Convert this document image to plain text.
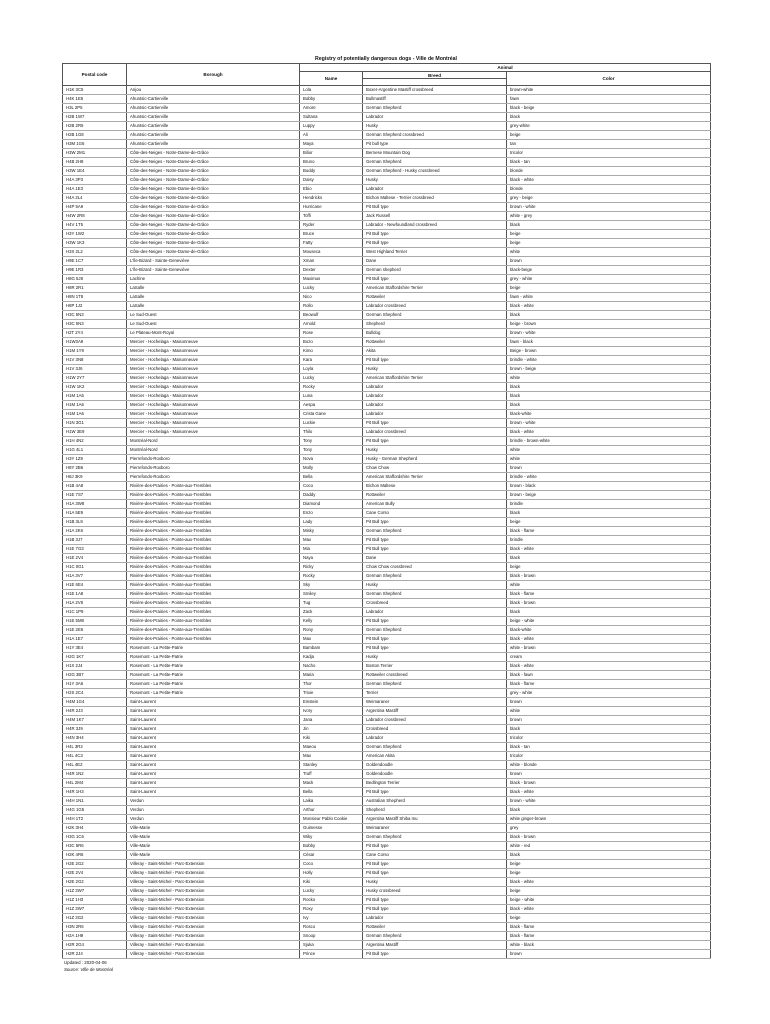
Registry of potentially dangerous dogs - Ville de Montréal
Postal code	Borough	Animal		
		Name	Breed	Color

H1K 3C5	Anjou	Lola	Boxer-Argentine Mastiff crossbreed	brown-white
H4K 1E5	Ahuntsic-Cartierville	Bobby	Bullmastiff	fawn
H3L 2P5	Ahuntsic-Cartierville	Amore	German Shepherd	black - beige
H2B 1W7	Ahuntsic-Cartierville	Sultana	Labrador	black
H2B 2R5	Ahuntsic-Cartierville	Luppy	Husky	grey-white
H2B 1G8	Ahuntsic-Cartierville	Ali	German Shepherd crossbreed	beige
H3M 1G6	Ahuntsic-Cartierville	Maya	Pit bull type	tan
H3W 2M1	Côte-des-Neiges - Notre-Dame-de-Grâce	Bilior	Bernese Mountain Dog	tricolor
H4B 2H8	Côte-des-Neiges - Notre-Dame-de-Grâce	Bruno	German Shepherd	black - tan
H3W 1E4	Côte-des-Neiges - Notre-Dame-de-Grâce	Buddy	German Shepherd - Husky crossbreed	blonde
H4A 3P3	Côte-des-Neiges - Notre-Dame-de-Grâce	Daisy	Husky	black - white
H4A 1E3	Côte-des-Neiges - Notre-Dame-de-Grâce	Ebio	Labrador	blonde
H4A 2L4	Côte-des-Neiges - Notre-Dame-de-Grâce	Hendricks	Bichon Maltese - Terrier crossbreed	grey - beige
H4P 5A9	Côte-des-Neiges - Notre-Dame-de-Grâce	Hurricane	Pit Bull type	brown - white
H4W 2R8	Côte-des-Neiges - Notre-Dame-de-Grâce	Toffi	Jack Russell	white - grey
H4V 1T5	Côte-des-Neiges - Notre-Dame-de-Grâce	Ryder	Labrador - Newfoundland crossbreed	black
H3Y 1W2	Côte-des-Neiges - Notre-Dame-de-Grâce	Bruce	Pit Bull type	beige
H3W 1K3	Côte-des-Neiges - Notre-Dame-de-Grâce	Fatty	Pit Bull type	beige
H3X 2L2	Côte-des-Neiges - Notre-Dame-de-Grâce	Mouseca	West Highland Terrier	white
H9E 1C7	L'Île-Bizard - Sainte-Geneviève	Xman	Dane	brown
H9E 1R3	L'Île-Bizard - Sainte-Geneviève	Dexter	German shepherd	black-beige
H8G 5J8	Lachine	Maximus	Pit Bull type	grey - white
H8R 2R1	LaSalle	Lucky	American Staffordshire Terrier	beige
H8N 1T8	LaSalle	Nico	Rottweiler	fawn - white
H8P 1J2	LaSalle	Rollo	Labrador crossbreed	black - white
H3C 5N3	Le Sud-Ouest	Beowulf	German Shepherd	black
H3C 5N3	Le Sud-Ouest	Arnold	Shepherd	beige - brown
H2T 2Y4	Le Plateau-Mont-Royal	Rose	Bulldog	brown - white
H1W3A9	Mercier - Hochelaga - Maisonneuve	Bozo	Rottweiler	fawn - black
H1M 1Y9	Mercier - Hochelaga - Maisonneuve	Kimo	Akita	Beige - brown
H1V 3N8	Mercier - Hochelaga - Maisonneuve	Kara	Pit Bull type	brindle - white
H1V 3J6	Mercier - Hochelaga - Maisonneuve	Loyla	Husky	brown - beige
H1W 2Y7	Mercier - Hochelaga - Maisonneuve	Lucky	American Staffordshire Terrier	white
H1W 1K2	Mercier - Hochelaga - Maisonneuve	Rocky	Labrador	black
H1M 1A6	Mercier - Hochelaga - Maisonneuve	Luna	Labrador	black
H1M 1A6	Mercier - Hochelaga - Maisonneuve	Aespa	Labrador	black
H1M 1A6	Mercier - Hochelaga - Maisonneuve	Crista Gane	Labrador	black-white
H1N 3G1	Mercier - Hochelaga - Maisonneuve	Luckie	Pit Bull type	brown - white
H1W 3E9	Mercier - Hochelaga - Maisonneuve	Thilo	Labrador crossbreed	black - white
H1H 4N2	Montréal-Nord	Tony	Pit Bull type	brindle - brown-white
H1G 4L1	Montréal-Nord	Tony	Husky	white
H3Y 1Z9	Pierrefonds-Roxboro	Nova	Husky - German Shepherd	white
H8Y 2B6	Pierrefonds-Roxboro	Molly	Chow Chow	brown
H8J 3K9	Pierrefonds-Roxboro	Bella	American Staffordshire Terrier	brindle - white
H1B 4A8	Rivière-des-Prairies - Pointe-aux-Trembles	Coco	Bichon Maltese	brown - black
H1E 7S7	Rivière-des-Prairies - Pointe-aux-Trembles	Daddy	Rottweiler	brown - beige
H1A 3W8	Rivière-des-Prairies - Pointe-aux-Trembles	Diamond	American Bully	brindle
H1A 5E9	Rivière-des-Prairies - Pointe-aux-Trembles	Enzo	Cane Corso	black
H1B 3L9	Rivière-des-Prairies - Pointe-aux-Trembles	Lady	Pit Bull type	beige
H1A 2K6	Rivière-des-Prairies - Pointe-aux-Trembles	Misky	German Shepherd	black - flame
H1B 3J7	Rivière-des-Prairies - Pointe-aux-Trembles	Max	Pit Bull type	brindle
H1E 7G3	Rivière-des-Prairies - Pointe-aux-Trembles	Mia	Pit Bull type	black - white
H1E 2V4	Rivière-des-Prairies - Pointe-aux-Trembles	Naya	Dane	black
H1C 0G1	Rivière-des-Prairies - Pointe-aux-Trembles	Ricky	Chow Chow crossbreed	beige
H1A 3V7	Rivière-des-Prairies - Pointe-aux-Trembles	Rocky	German Shepherd	black - brown
H1E 6E4	Rivière-des-Prairies - Pointe-aux-Trembles	Sky	Husky	white
H1E 1A8	Rivière-des-Prairies - Pointe-aux-Trembles	Smiley	German Shepherd	black - flame
H1A 2V8	Rivière-des-Prairies - Pointe-aux-Trembles	Tug	Crossbreed	black - brown
H1C 1P9	Rivière-des-Prairies - Pointe-aux-Trembles	Zack	Labrador	black
H1E 5M8	Rivière-des-Prairies - Pointe-aux-Trembles	Kelly	Pit Bull type	beige - white
H1E 2E6	Rivière-des-Prairies - Pointe-aux-Trembles	Rony	German Shepherd	black-white
H1A 1E7	Rivière-des-Prairies - Pointe-aux-Trembles	Max	Pit Bull type	black - white
H1Y 3E4	Rosemont - La Petite-Patrie	Bambam	Pit Bull type	white - brown
H2G 1K7	Rosemont - La Petite-Patrie	Kadja	Husky	cream
H1X 2J4	Rosemont - La Petite-Patrie	Nacho	Boston Terrier	black - white
H2G 3B7	Rosemont - La Petite-Patrie	Maria	Rottweiler crossbreed	black - fawn
H1Y 3A6	Rosemont - La Petite-Patrie	Thor	German Shepherd	black - flame
H2S 2C4	Rosemont - La Petite-Patrie	Trixie	Terrier	grey - white
H4M 1G4	Saint-Laurent	Einstein	Weimaraner	brown
H4R 2J3	Saint-Laurent	Ivory	Argentina Mastiff	white
H4M 1K7	Saint-Laurent	Jana	Labrador crossbreed	brown
H4R 3J9	Saint-Laurent	Jin	Crossbreed	black
H4N 3H4	Saint-Laurent	Kiki	Labrador	tricolor
H4L 3R2	Saint-Laurent	Maeou	German Shepherd	black - tan
H4L 4C3	Saint-Laurent	Max	American Akita	tricolor
H4L 4E2	Saint-Laurent	Stanley	Goldendoodle	white - blonde
H4R 1N2	Saint-Laurent	Truff	Goldendoodle	brown
H4L 2M4	Saint-Laurent	Mack	Bedlington Terrier	black - brown
H4R 1H3	Saint-Laurent	Bella	Pit Bull type	black - white
H4H 1N1	Verdun	Laika	Australian Shepherd	brown - white
H4G 1G5	Verdun	Arthur	Shepherd	black
H4H 1T2	Verdun	Monsieur Pablo Cookie	Argentina Mastiff Shiba Inu	white ginger-brown
H2K 3H4	Ville-Marie	Guimesse	Weimaraner	grey
H3G 1C6	Ville-Marie	Wiky	German Shepherd	black - brown
H3C 5R6	Ville-Marie	Bobby	Pit Bull type	white - red
H2K 4R6	Ville-Marie	César	Cane Corso	black
H2E 2G2	Villeray - Saint-Michel - Parc-Extension	Coco	Pit Bull type	beige
H2E 2V4	Villeray - Saint-Michel - Parc-Extension	Holly	Pit Bull type	beige
H2E 2G2	Villeray - Saint-Michel - Parc-Extension	Kiki	Husky	black - white
H1Z 3W7	Villeray - Saint-Michel - Parc-Extension	Lucky	Husky crossbreed	beige
H1Z 1H3	Villeray - Saint-Michel - Parc-Extension	Rocko	Pit Bull type	beige - white
H1Z 3W7	Villeray - Saint-Michel - Parc-Extension	Roxy	Pit Bull type	black - white
H1Z 3G2	Villeray - Saint-Michel - Parc-Extension	Ivy	Labrador	beige
H3N 2R6	Villeray - Saint-Michel - Parc-Extension	Rosco	Rottweiler	black - flame
H2A 1H9	Villeray - Saint-Michel - Parc-Extension	Snoop	German Shepherd	black - flame
H2R 2G4	Villeray - Saint-Michel - Parc-Extension	Sjuka	Argentina Mastiff	white - black
H2R 2J4	Villeray - Saint-Michel - Parc-Extension	Prince	Pit Bull type	brown
Updated : 2020-04-06
Source: Ville de Montréal
